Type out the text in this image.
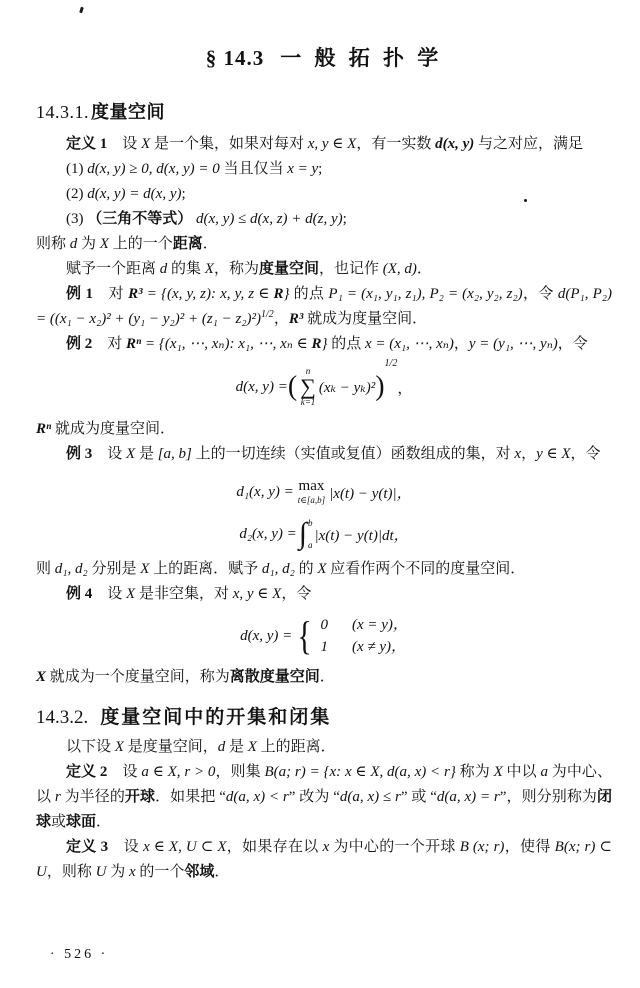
§ 14.3 一 般 拓 扑 学
14.3.1. 度量空间

定义 1　设 X 是一个集，如果对每对 x, y ∈ X，有一实数 d(x, y) 与之对应，满足

(1) d(x, y) ≥ 0, d(x, y) = 0 当且仅当 x = y;

(2) d(x, y) = d(x, y);

(3) （三角不等式） d(x, y) ≤ d(x, z) + d(z, y);

则称 d 为 X 上的一个距离．

赋予一个距离 d 的集 X，称为度量空间，也记作 (X, d)．

例 1　对 R³ = {(x, y, z): x, y, z ∈ R} 的点 P₁ = (x₁, y₁, z₁), P₂ = (x₂, y₂, z₂)，令 d(P₁, $P_2) = ((x_1 - x_2)^2 + (y_1 - y_2)^2 + (z_1 - z_2)^2)^{1/2}$，R³ 就成为度量空间．

例 2　对 Rⁿ = {(x₁, ⋯, xₙ): x₁, ⋯, xₙ ∈ R} 的点 x = (x₁, ⋯, xₙ)，y = (y₁, ⋯, yₙ)，令

d(x, y) = (
n
∑
k=1
(xₖ − yₖ)² )
1/2
，

Rⁿ 就成为度量空间．

例 3　设 X 是 [a, b] 上的一切连续（实值或复值）函数组成的集，对 x，y ∈ X，令

d₁(x, y) = max
t∈[a,b] |x(t) − y(t)|，
d₂(x, y) = ∫ b
a
|x(t) − y(t)|dt，

则 d₁, d₂ 分别是 X 上的距离．赋予 d₁, d₂ 的 X 应看作两个不同的度量空间．

例 4　设 X 是非空集，对 x, y ∈ X，令

d(x, y) = { 0 (x = y)，
1 (x ≠ y)，

X 就成为一个度量空间，称为离散度量空间．

14.3.2. 度量空间中的开集和闭集

以下设 X 是度量空间，d 是 X 上的距离．

定义 2　设 a ∈ X, r > 0，则集 B(a; r) = {x: x ∈ X, d(a, x) < r} 称为 X 中以 a 为中心、以 r 为半径的开球．如果把 “d(a, x) < r” 改为 “d(a, x) ≤ r” 或 “d(a, x) = r”，则分别称为闭球或球面．

定义 3　设 x ∈ X, U ⊂ X，如果存在以 x 为中心的一个开球 B (x; r)，使得 B(x; r) ⊂ U，则称 U 为 x 的一个邻域．

· 526 ·
